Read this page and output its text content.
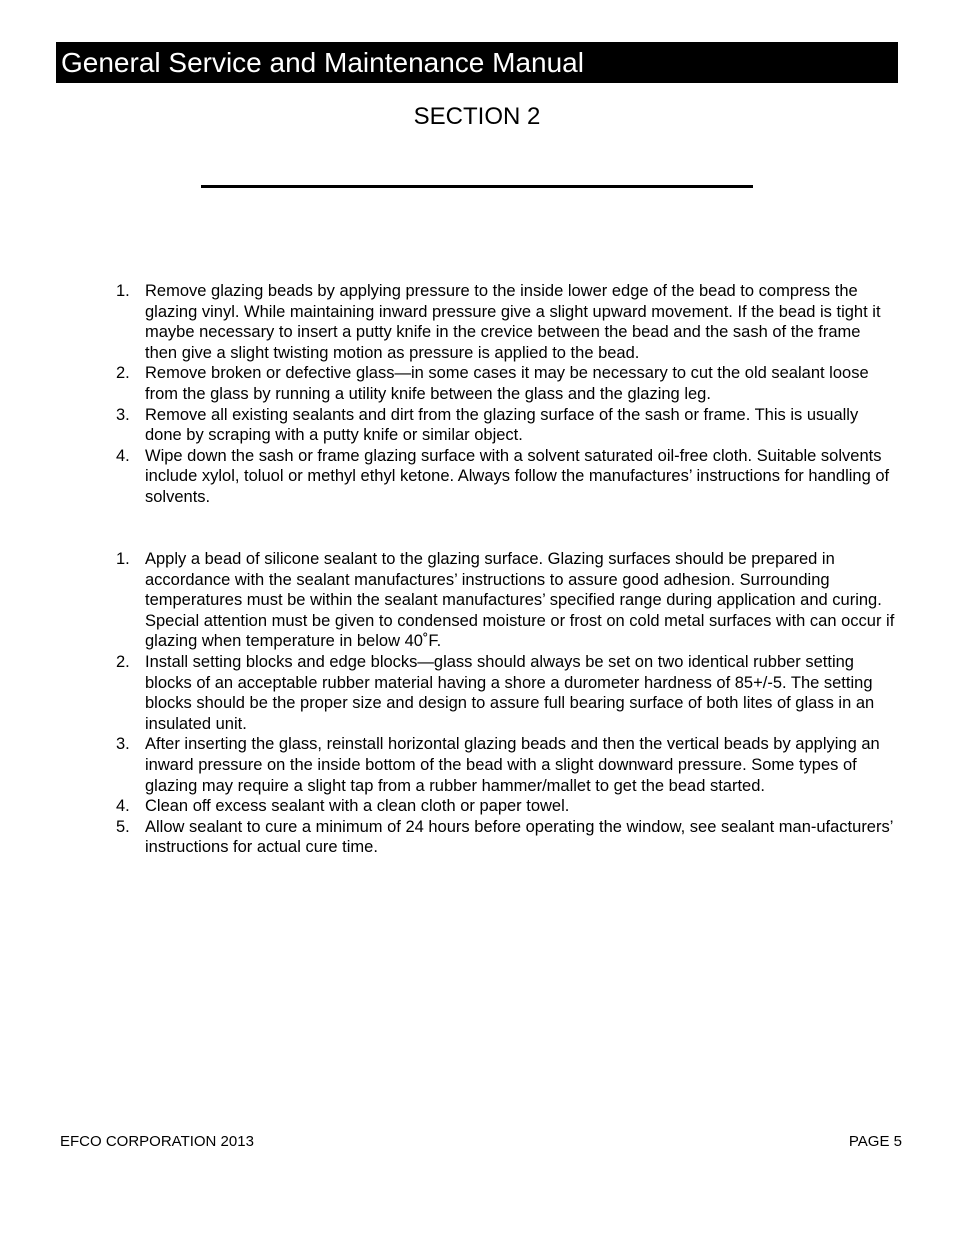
General Service and Maintenance Manual
SECTION 2
1. Remove glazing beads by applying pressure to the inside lower edge of the bead to compress the glazing vinyl. While maintaining inward pressure give a slight upward movement. If the bead is tight it maybe necessary to insert a putty knife in the crevice between the bead and the sash of the frame then give a slight twisting motion as pressure is applied to the bead.
2. Remove broken or defective glass—in some cases it may be necessary to cut the old sealant loose from the glass by running a utility knife between the glass and the glazing leg.
3. Remove all existing sealants and dirt from the glazing surface of the sash or frame. This is usually done by scraping with a putty knife or similar object.
4. Wipe down the sash or frame glazing surface with a solvent saturated oil-free cloth. Suitable solvents include xylol, toluol or methyl ethyl ketone. Always follow the manufactures’ instructions for handling of solvents.
1. Apply a bead of silicone sealant to the glazing surface. Glazing surfaces should be prepared in accordance with the sealant manufactures’ instructions to assure good adhesion. Surrounding temperatures must be within the sealant manufactures’ specified range during application and curing. Special attention must be given to condensed moisture or frost on cold metal surfaces with can occur if glazing when temperature in below 40˚F.
2. Install setting blocks and edge blocks—glass should always be set on two identical rubber setting blocks of an acceptable rubber material having a shore a durometer hardness of 85+/-5. The setting blocks should be the proper size and design to assure full bearing surface of both lites of glass in an insulated unit.
3. After inserting the glass, reinstall horizontal glazing beads and then the vertical beads by applying an inward pressure on the inside bottom of the bead with a slight downward pressure. Some types of glazing may require a slight tap from a rubber hammer/mallet to get the bead started.
4. Clean off excess sealant with a clean cloth or paper towel.
5. Allow sealant to cure a minimum of 24 hours before operating the window, see sealant man-ufacturers’ instructions for actual cure time.
EFCO CORPORATION 2013	PAGE 5
